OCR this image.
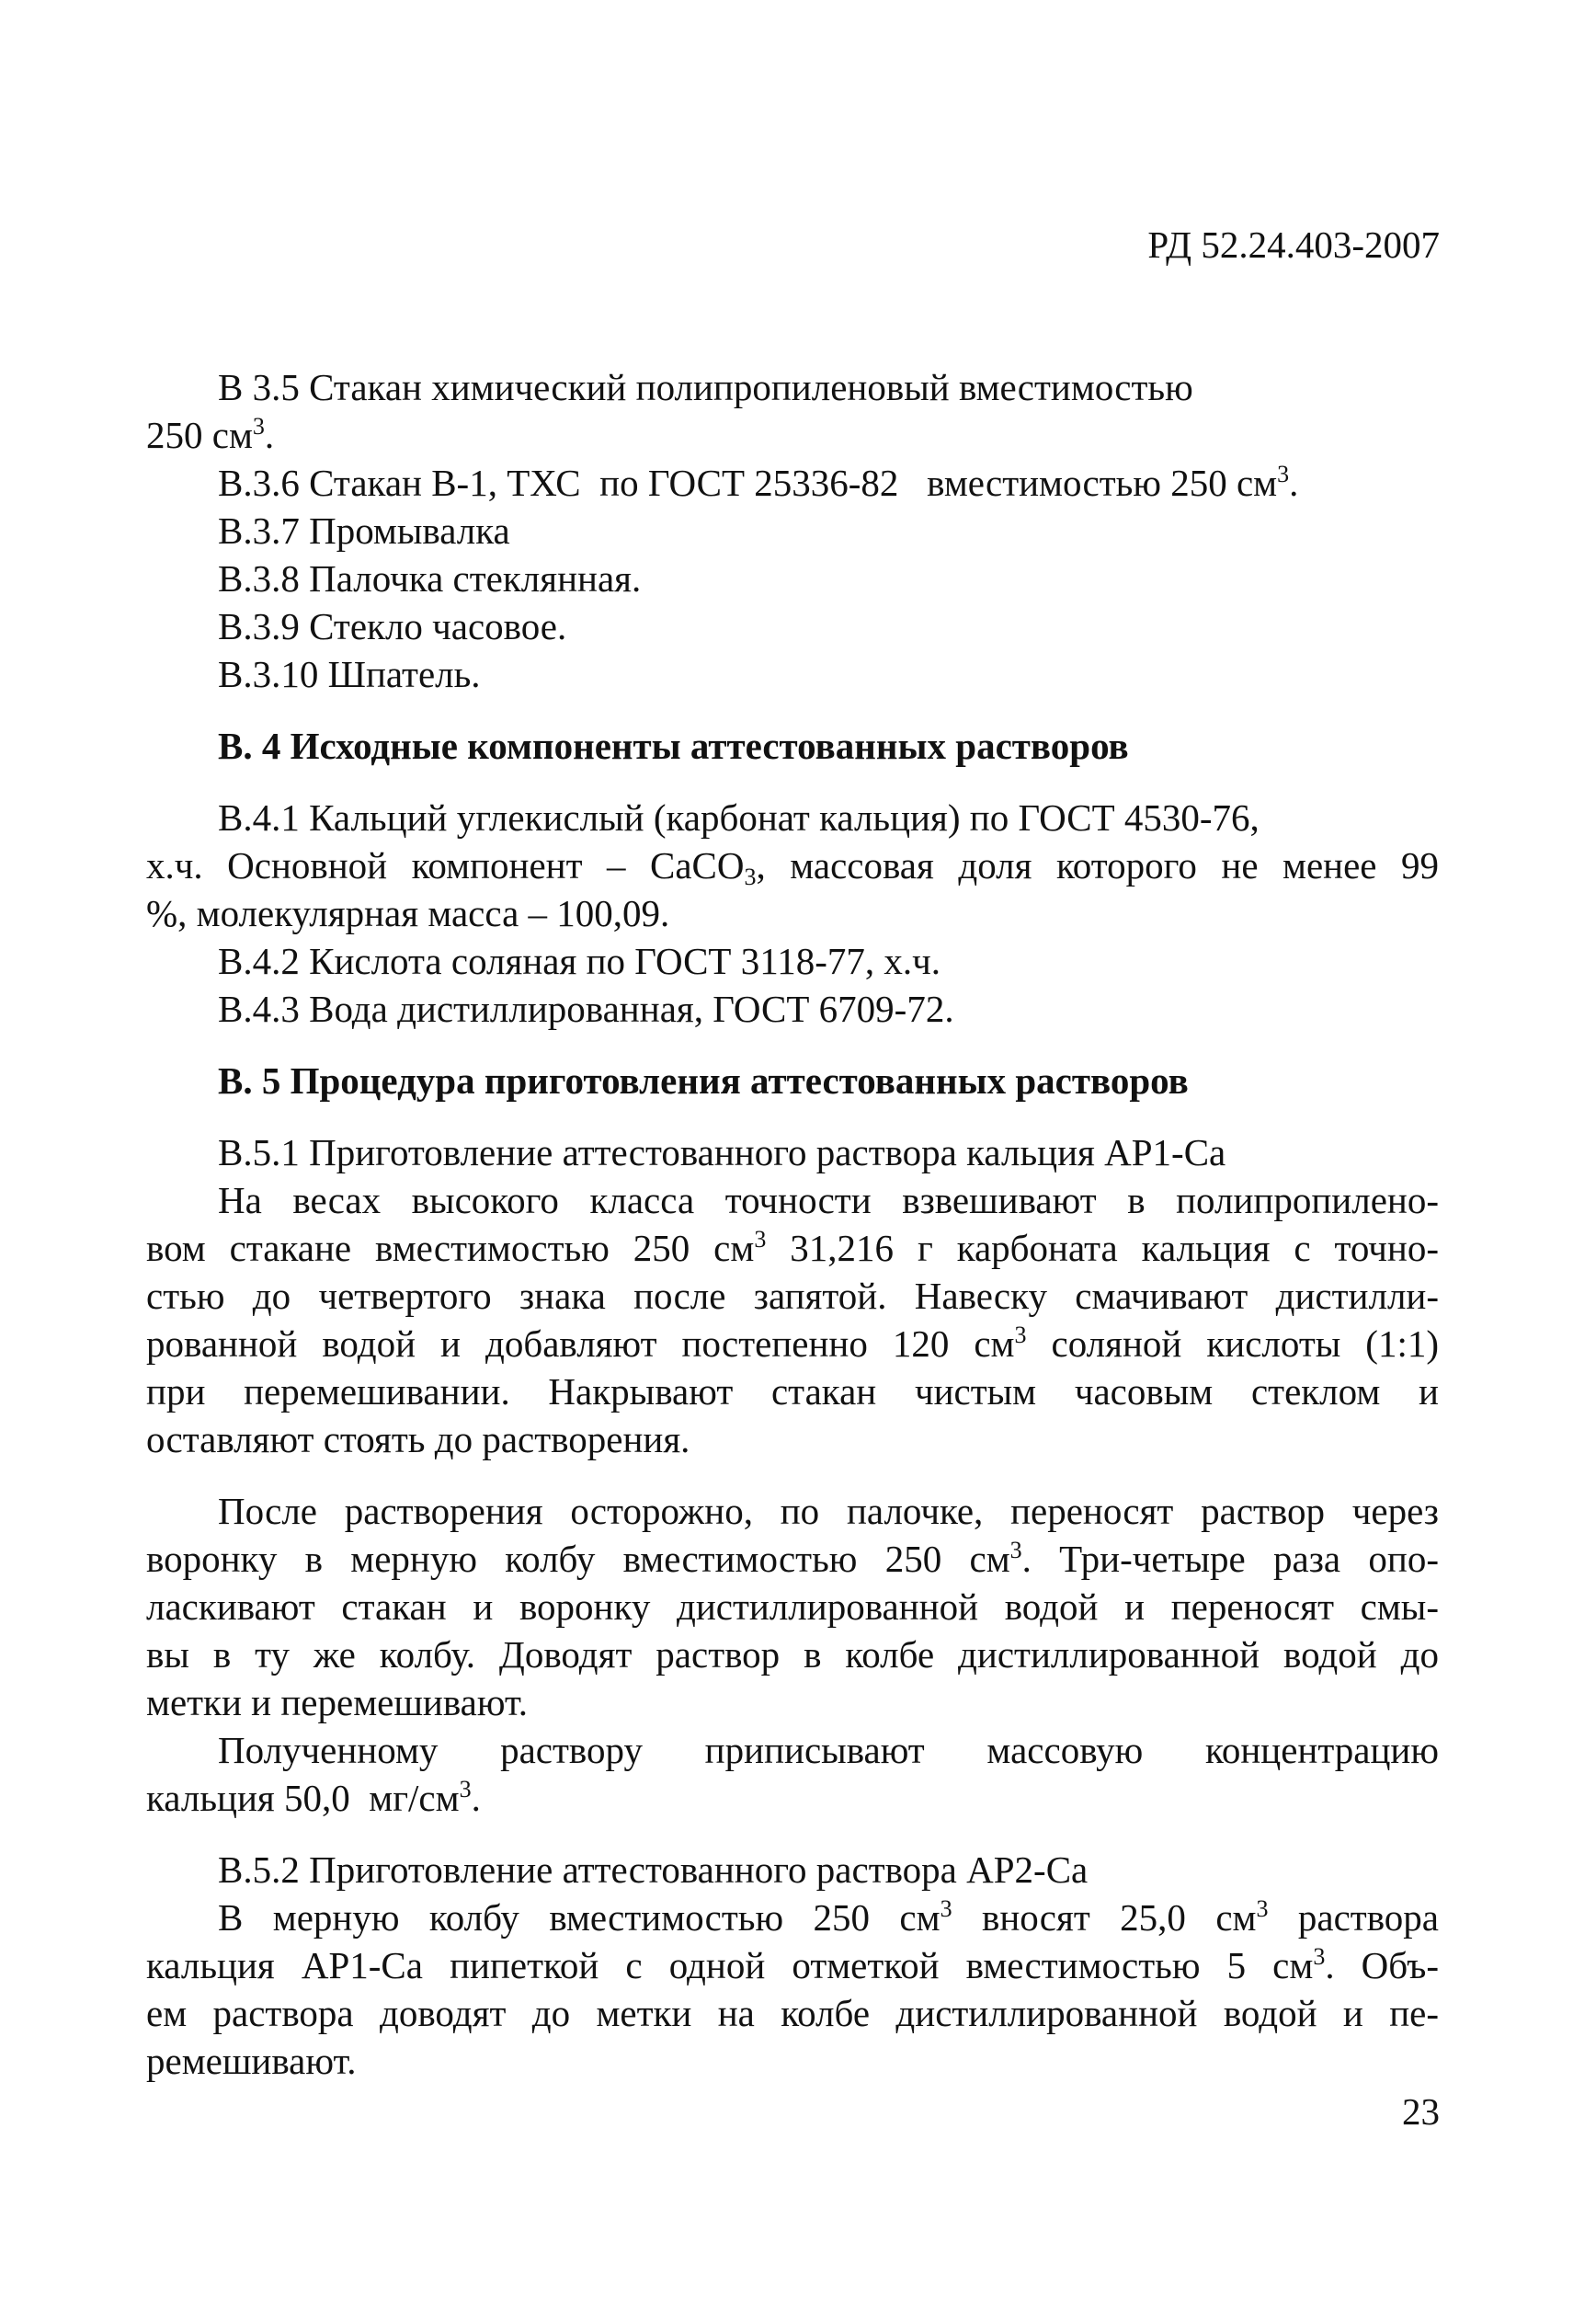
РД 52.24.403-2007
В 3.5 Стакан химический полипропиленовый вместимостью
250 $см^3$.
В.3.6 Стакан В-1, ТХС  по ГОСТ 25336-82   вместимостью 250 $см^3$.
В.3.7 Промывалка
В.3.8 Палочка стеклянная.
В.3.9 Стекло часовое.
В.3.10 Шпатель.
В. 4 Исходные компоненты аттестованных растворов
В.4.1 Кальций углекислый (карбонат кальция) по ГОСТ 4530-76,
х.ч. Основной компонент – CaCO$_3$, массовая доля которого не менее 99
%, молекулярная масса – 100,09.
В.4.2 Кислота соляная по ГОСТ 3118-77, х.ч.
В.4.3 Вода дистиллированная, ГОСТ 6709-72.
В. 5 Процедура приготовления аттестованных растворов
В.5.1 Приготовление аттестованного раствора кальция АР1-Са
На весах высокого класса точности взвешивают в полипропилено-
вом стакане вместимостью 250 $см^3$ 31,216 г карбоната кальция с точно-
стью до четвертого знака после запятой. Навеску смачивают дистилли-
рованной водой и добавляют постепенно 120 $см^3$ соляной кислоты (1:1)
при перемешивании. Накрывают стакан чистым часовым стеклом и
оставляют стоять до растворения.
После растворения осторожно, по палочке, переносят раствор через
воронку в мерную колбу вместимостью 250 $см^3$. Три-четыре раза опо-
ласкивают стакан и воронку дистиллированной водой и переносят смы-
вы в ту же колбу. Доводят раствор в колбе дистиллированной водой до
метки и перемешивают.
Полученному раствору приписывают массовую концентрацию
кальция 50,0  $мг/см^3$.
В.5.2 Приготовление аттестованного раствора АР2-Са
В мерную колбу вместимостью 250 $см^3$ вносят 25,0 $см^3$ раствора
кальция АР1-Са пипеткой с одной отметкой вместимостью 5 $см^3$. Объ-
ем раствора доводят до метки на колбе дистиллированной водой и пе-
ремешивают.
23
